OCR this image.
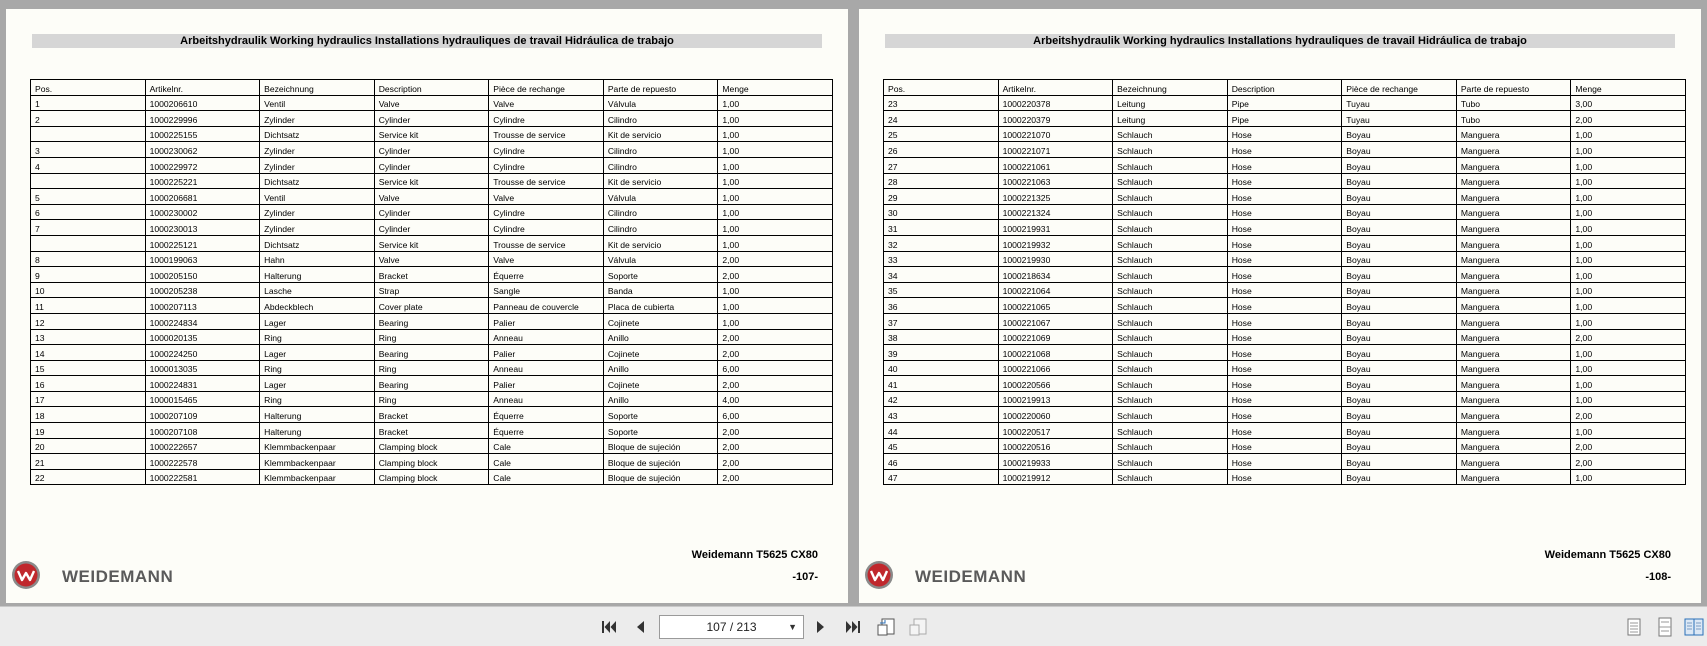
Arbeitshydraulik Working hydraulics Installations hydrauliques de travail Hidráulica de trabajo
Pos.	Artikelnr.	Bezeichnung	Description	Pièce de rechange	Parte de repuesto	Menge
1	1000206610	Ventil	Valve	Valve	Válvula	1,00
2	1000229996	Zylinder	Cylinder	Cylindre	Cilindro	1,00
	1000225155	Dichtsatz	Service kit	Trousse de service	Kit de servicio	1,00
3	1000230062	Zylinder	Cylinder	Cylindre	Cilindro	1,00
4	1000229972	Zylinder	Cylinder	Cylindre	Cilindro	1,00
	1000225221	Dichtsatz	Service kit	Trousse de service	Kit de servicio	1,00
5	1000206681	Ventil	Valve	Valve	Válvula	1,00
6	1000230002	Zylinder	Cylinder	Cylindre	Cilindro	1,00
7	1000230013	Zylinder	Cylinder	Cylindre	Cilindro	1,00
	1000225121	Dichtsatz	Service kit	Trousse de service	Kit de servicio	1,00
8	1000199063	Hahn	Valve	Valve	Válvula	2,00
9	1000205150	Halterung	Bracket	Équerre	Soporte	2,00
10	1000205238	Lasche	Strap	Sangle	Banda	1,00
11	1000207113	Abdeckblech	Cover plate	Panneau de couvercle	Placa de cubierta	1,00
12	1000224834	Lager	Bearing	Palier	Cojinete	1,00
13	1000020135	Ring	Ring	Anneau	Anillo	2,00
14	1000224250	Lager	Bearing	Palier	Cojinete	2,00
15	1000013035	Ring	Ring	Anneau	Anillo	6,00
16	1000224831	Lager	Bearing	Palier	Cojinete	2,00
17	1000015465	Ring	Ring	Anneau	Anillo	4,00
18	1000207109	Halterung	Bracket	Équerre	Soporte	6,00
19	1000207108	Halterung	Bracket	Équerre	Soporte	2,00
20	1000222657	Klemmbackenpaar	Clamping block	Cale	Bloque de sujeción	2,00
21	1000222578	Klemmbackenpaar	Clamping block	Cale	Bloque de sujeción	2,00
22	1000222581	Klemmbackenpaar	Clamping block	Cale	Bloque de sujeción	2,00
WEIDEMANN
Weidemann T5625 CX80
-107-
Arbeitshydraulik Working hydraulics Installations hydrauliques de travail Hidráulica de trabajo
Pos.	Artikelnr.	Bezeichnung	Description	Pièce de rechange	Parte de repuesto	Menge
23	1000220378	Leitung	Pipe	Tuyau	Tubo	3,00
24	1000220379	Leitung	Pipe	Tuyau	Tubo	2,00
25	1000221070	Schlauch	Hose	Boyau	Manguera	1,00
26	1000221071	Schlauch	Hose	Boyau	Manguera	1,00
27	1000221061	Schlauch	Hose	Boyau	Manguera	1,00
28	1000221063	Schlauch	Hose	Boyau	Manguera	1,00
29	1000221325	Schlauch	Hose	Boyau	Manguera	1,00
30	1000221324	Schlauch	Hose	Boyau	Manguera	1,00
31	1000219931	Schlauch	Hose	Boyau	Manguera	1,00
32	1000219932	Schlauch	Hose	Boyau	Manguera	1,00
33	1000219930	Schlauch	Hose	Boyau	Manguera	1,00
34	1000218634	Schlauch	Hose	Boyau	Manguera	1,00
35	1000221064	Schlauch	Hose	Boyau	Manguera	1,00
36	1000221065	Schlauch	Hose	Boyau	Manguera	1,00
37	1000221067	Schlauch	Hose	Boyau	Manguera	1,00
38	1000221069	Schlauch	Hose	Boyau	Manguera	2,00
39	1000221068	Schlauch	Hose	Boyau	Manguera	1,00
40	1000221066	Schlauch	Hose	Boyau	Manguera	1,00
41	1000220566	Schlauch	Hose	Boyau	Manguera	1,00
42	1000219913	Schlauch	Hose	Boyau	Manguera	1,00
43	1000220060	Schlauch	Hose	Boyau	Manguera	2,00
44	1000220517	Schlauch	Hose	Boyau	Manguera	1,00
45	1000220516	Schlauch	Hose	Boyau	Manguera	2,00
46	1000219933	Schlauch	Hose	Boyau	Manguera	2,00
47	1000219912	Schlauch	Hose	Boyau	Manguera	1,00
WEIDEMANN
Weidemann T5625 CX80
-108-
107 / 213	▼
